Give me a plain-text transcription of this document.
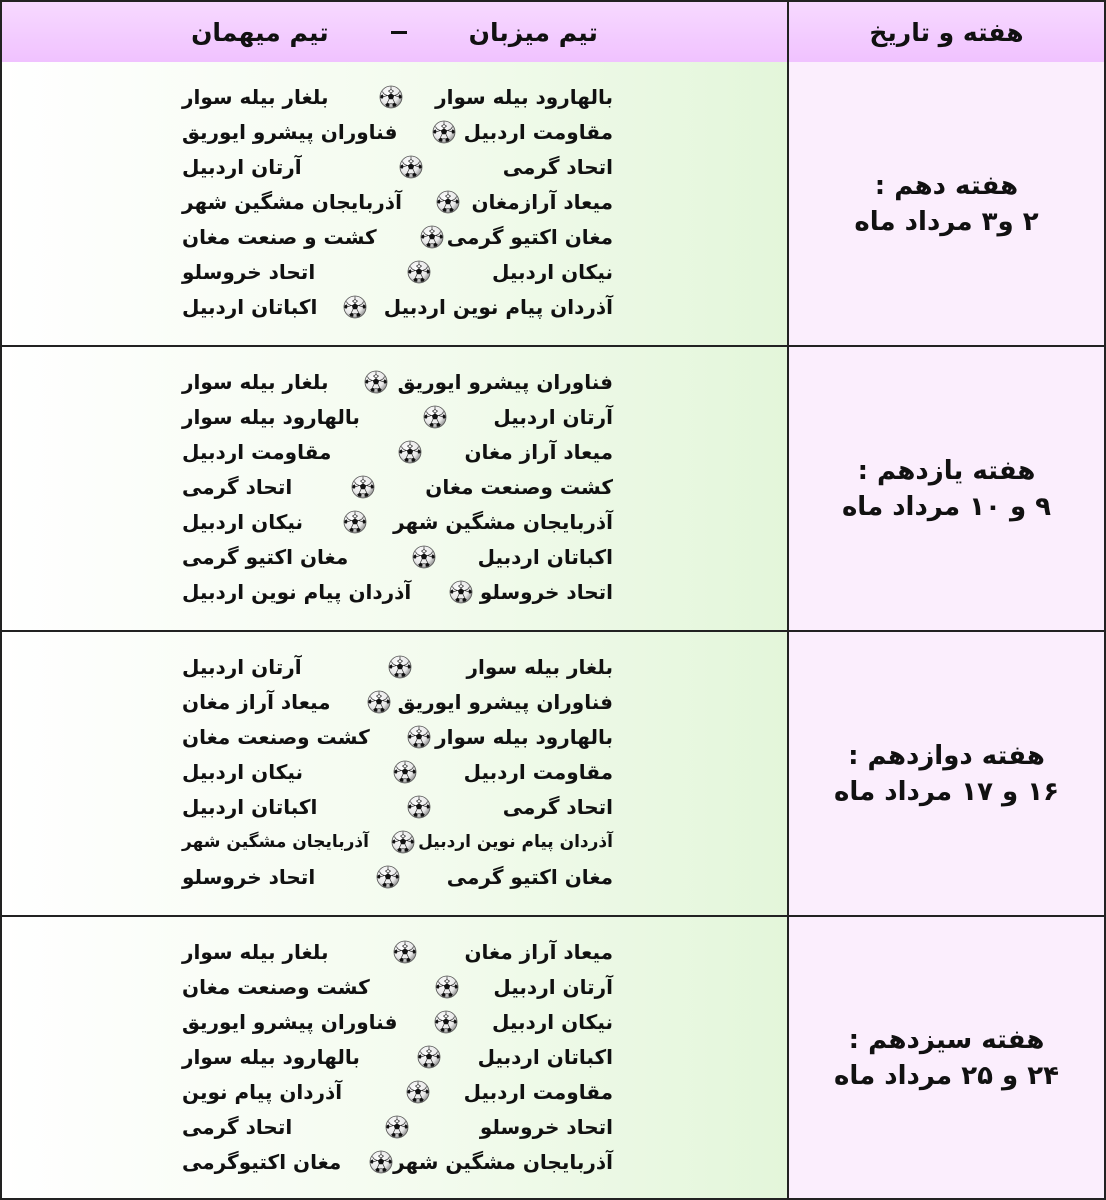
تیم میهمان	تیم میزبان	هفته و تاریخ
بلغار بیله سوار	بالهارود بیله سوار
فناوران پیشرو ایوریق	مقاومت اردبیل
آرتان اردبیل	اتحاد گرمی
آذربایجان مشگین شهر	میعاد آرازمغان
کشت و صنعت مغان	مغان اکتیو گرمی
اتحاد خروسلو	نیکان اردبیل
اکباتان اردبیل	آذردان پیام نوین اردبیل
هفته دهم :
۲ و۳ مرداد ماه
بلغار بیله سوار	فناوران پیشرو ایوریق
بالهارود بیله سوار	آرتان اردبیل
مقاومت اردبیل	میعاد آراز مغان
اتحاد گرمی	کشت وصنعت مغان
نیکان اردبیل	آذربایجان مشگین شهر
مغان اکتیو گرمی	اکباتان اردبیل
آذردان پیام نوین اردبیل	اتحاد خروسلو
هفته یازدهم :
۹ و ۱۰ مرداد ماه
آرتان اردبیل	بلغار بیله سوار
میعاد آراز مغان	فناوران پیشرو ایوریق
کشت وصنعت مغان	بالهارود بیله سوار
نیکان اردبیل	مقاومت اردبیل
اکباتان اردبیل	اتحاد گرمی
آذربایجان مشگین شهر	آذردان پیام نوین اردبیل
اتحاد خروسلو	مغان اکتیو گرمی
هفته دوازدهم :
۱۶ و ۱۷ مرداد ماه
بلغار بیله سوار	میعاد آراز مغان
کشت وصنعت مغان	آرتان اردبیل
فناوران پیشرو ایوریق	نیکان اردبیل
بالهارود بیله سوار	اکباتان اردبیل
آذردان پیام نوین	مقاومت اردبیل
اتحاد گرمی	اتحاد خروسلو
مغان اکتیوگرمی	آذربایجان مشگین شهر
هفته سیزدهم :
۲۴ و ۲۵ مرداد ماه
